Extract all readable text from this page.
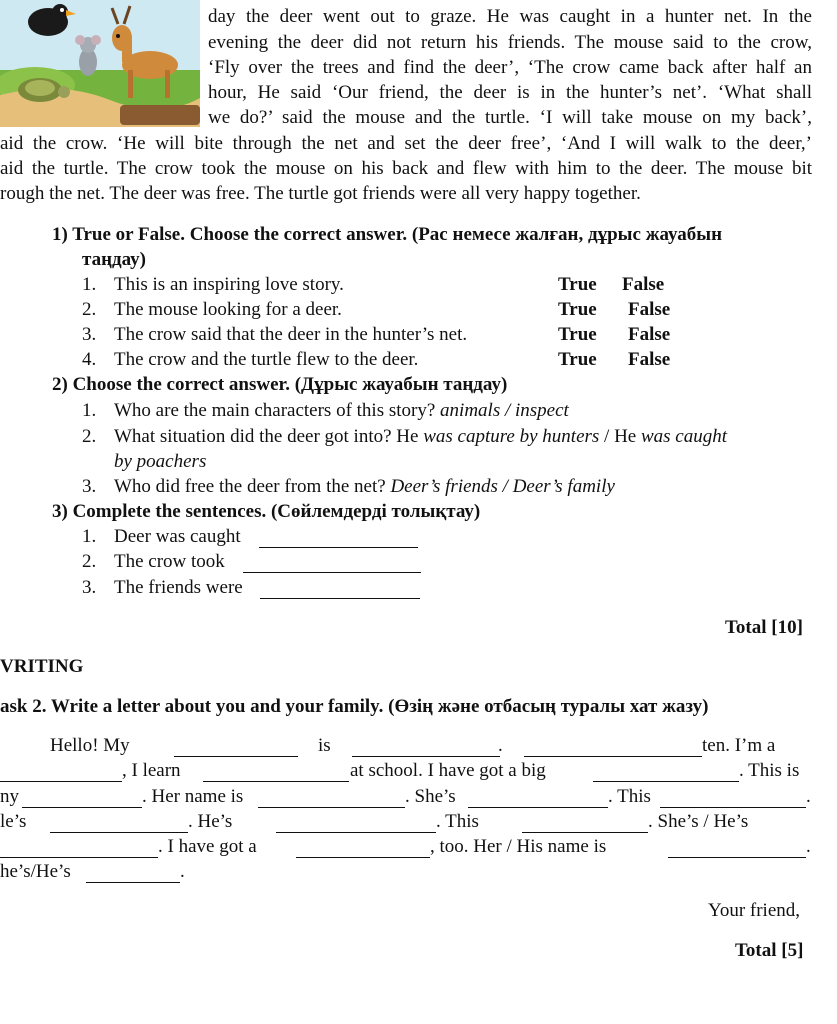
day the deer went out to graze. He was caught in a hunter net. In the
evening the deer did not return his friends. The mouse said to the crow,
‘Fly over the trees and find the deer’, ‘The crow came back after half an
hour, He said ‘Our friend, the deer is in the hunter’s net’. ‘What shall
we do?’ said the mouse and the turtle. ‘I will take mouse on my back’,
aid the crow. ‘He will bite through the net and set the deer free’, ‘And I will walk to the deer,’
aid the turtle. The crow took the mouse on his back and flew with him to the deer. The mouse bit
rough the net. The deer was free. The turtle got friends were all very happy together.
1) True or False. Choose the correct answer. (Рас немесе жалған, дұрыс жауабын
таңдау)
1. This is an inspiring love story.	True False
2. The mouse looking for a deer.	True False
3. The crow said that the deer in the hunter’s net.	True False
4. The crow and the turtle flew to the deer.	True False
2) Choose the correct answer. (Дұрыс жауабын таңдау)
1. Who are the main characters of this story? animals / inspect
2. What situation did the deer got into? He was capture by hunters / He was caught
by poachers
3. Who did free the deer from the net? Deer’s friends / Deer’s family
3) Complete the sentences. (Сөйлемдерді толықтау)
1. Deer was caught
2. The crow took
3. The friends were
Total [10]
VRITING
ask 2. Write a letter about you and your family. (Өзің және отбасың туралы хат жазу)
Hello! My	is	.	ten. I’m a
, I learn	at school. I have got a big	. This is
ny	. Her name is	. She’s	. This	.
le’s	. He’s	. This	. She’s / He’s
. I have got a	, too. Her / His name is	.
he’s/He’s	.
Your friend,
Total [5]
